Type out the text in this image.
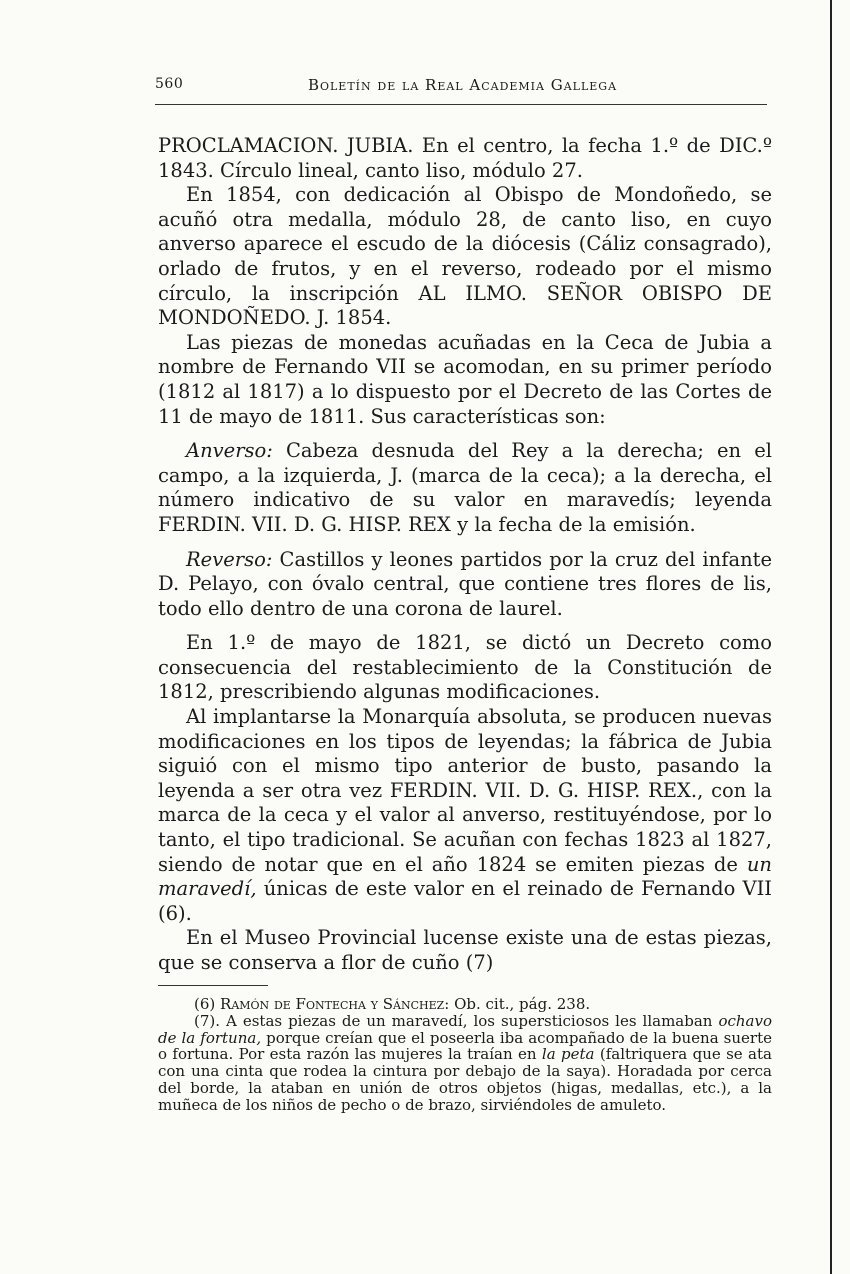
560	Boletín de la Real Academia Gallega

PROCLAMACION. JUBIA. En el centro, la fecha 1.º de DIC.º 1843. Círculo lineal, canto liso, módulo 27.

En 1854, con dedicación al Obispo de Mondoñedo, se acuñó otra medalla, módulo 28, de canto liso, en cuyo anverso aparece el escudo de la diócesis (Cáliz consagrado), orlado de frutos, y en el reverso, rodeado por el mismo círculo, la inscripción AL ILMO. SEÑOR OBISPO DE MONDOÑEDO. J. 1854.

Las piezas de monedas acuñadas en la Ceca de Jubia a nombre de Fernando VII se acomodan, en su primer período (1812 al 1817) a lo dispuesto por el Decreto de las Cortes de 11 de mayo de 1811. Sus características son:

Anverso: Cabeza desnuda del Rey a la derecha; en el campo, a la izquierda, J. (marca de la ceca); a la derecha, el número indicativo de su valor en maravedís; leyenda FERDIN. VII. D. G. HISP. REX y la fecha de la emisión.

Reverso: Castillos y leones partidos por la cruz del infante D. Pelayo, con óvalo central, que contiene tres flores de lis, todo ello dentro de una corona de laurel.

En 1.º de mayo de 1821, se dictó un Decreto como consecuencia del restablecimiento de la Constitución de 1812, prescribiendo algunas modificaciones.

Al implantarse la Monarquía absoluta, se producen nuevas modificaciones en los tipos de leyendas; la fábrica de Jubia siguió con el mismo tipo anterior de busto, pasando la leyenda a ser otra vez FERDIN. VII. D. G. HISP. REX., con la marca de la ceca y el valor al anverso, restituyéndose, por lo tanto, el tipo tradicional. Se acuñan con fechas 1823 al 1827, siendo de notar que en el año 1824 se emiten piezas de un maravedí, únicas de este valor en el reinado de Fernando VII (6).

En el Museo Provincial lucense existe una de estas piezas, que se conserva a flor de cuño (7)

(6) Ramón de Fontecha y Sánchez: Ob. cit., pág. 238.

(7). A estas piezas de un maravedí, los supersticiosos les llamaban ochavo de la fortuna, porque creían que el poseerla iba acompañado de la buena suerte o fortuna. Por esta razón las mujeres la traían en la peta (faltriquera que se ata con una cinta que rodea la cintura por debajo de la saya). Horadada por cerca del borde, la ataban en unión de otros objetos (higas, medallas, etc.), a la muñeca de los niños de pecho o de brazo, sirviéndoles de amuleto.
